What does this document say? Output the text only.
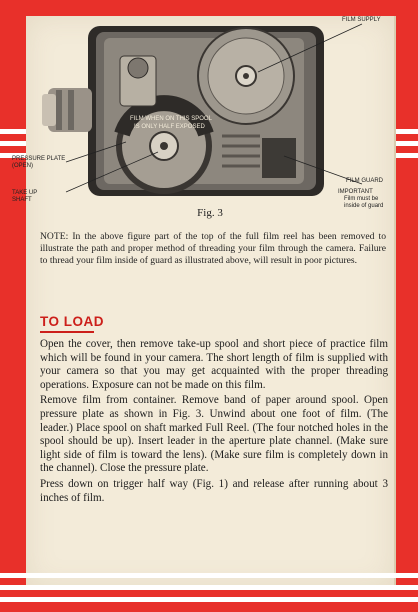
FILM WHEN ON THIS SPOOL
IS ONLY HALF EXPOSED
FILM SUPPLY
PRESSURE PLATE (OPEN)
TAKE UP SHAFT
FILM GUARD
IMPORTANT
Film must be inside of guard
Fig. 3
NOTE: In the above figure part of the top of the full film reel has been removed to illustrate the path and proper method of threading your film through the camera. Failure to thread your film inside of guard as illustrated above, will result in poor pictures.
TO LOAD

Open the cover, then remove take-up spool and short piece of practice film which will be found in your camera. The short length of film is supplied with your camera so that you may get acquainted with the proper threading operations. Exposure can not be made on this film.

Remove film from container. Remove band of paper around spool. Open pressure plate as shown in Fig. 3. Unwind about one foot of film. (The leader.) Place spool on shaft marked Full Reel. (The four notched holes in the spool should be up). Insert leader in the aperture plate channel. (Make sure light side of film is toward the lens). (Make sure film is completely down in the channel). Close the pressure plate.

Press down on trigger half way (Fig. 1) and release after running about 3 inches of film.
